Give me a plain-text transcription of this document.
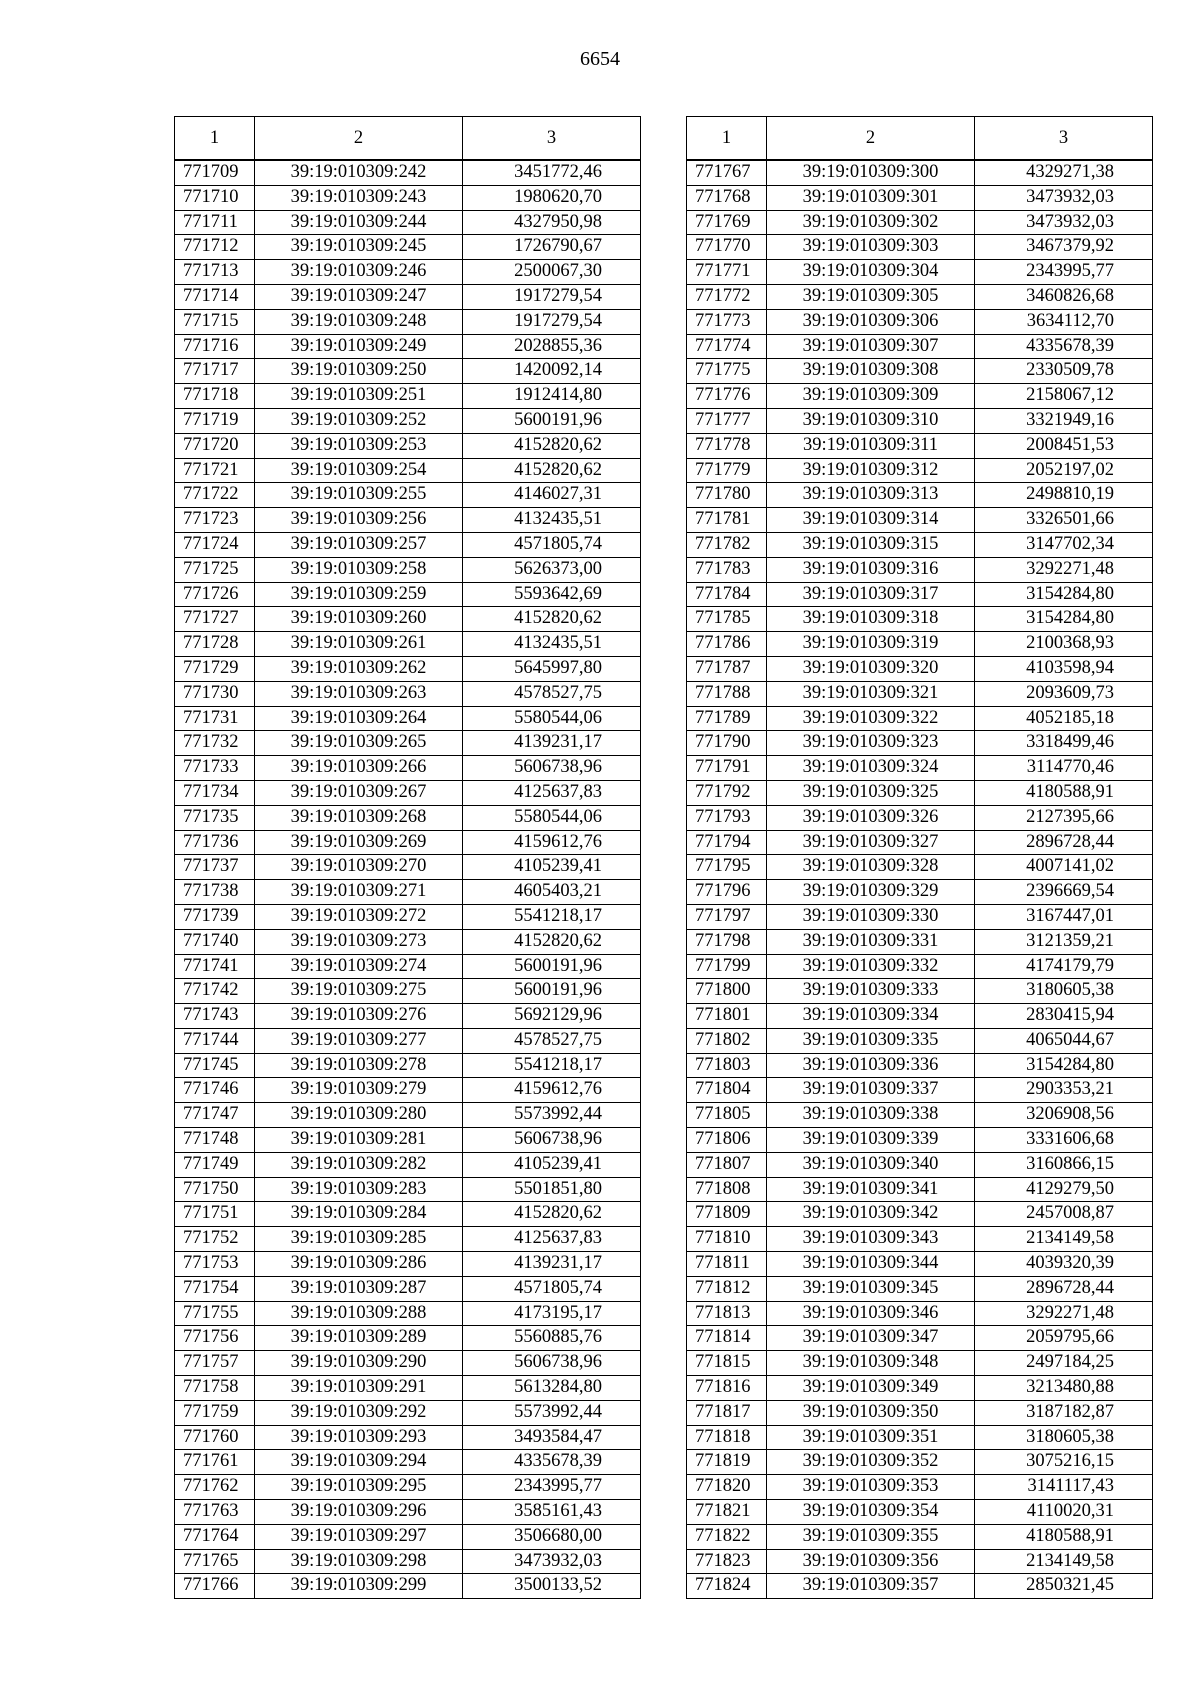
6654
1	2	3
771709	39:19:010309:242	3451772,46
771710	39:19:010309:243	1980620,70
771711	39:19:010309:244	4327950,98
771712	39:19:010309:245	1726790,67
771713	39:19:010309:246	2500067,30
771714	39:19:010309:247	1917279,54
771715	39:19:010309:248	1917279,54
771716	39:19:010309:249	2028855,36
771717	39:19:010309:250	1420092,14
771718	39:19:010309:251	1912414,80
771719	39:19:010309:252	5600191,96
771720	39:19:010309:253	4152820,62
771721	39:19:010309:254	4152820,62
771722	39:19:010309:255	4146027,31
771723	39:19:010309:256	4132435,51
771724	39:19:010309:257	4571805,74
771725	39:19:010309:258	5626373,00
771726	39:19:010309:259	5593642,69
771727	39:19:010309:260	4152820,62
771728	39:19:010309:261	4132435,51
771729	39:19:010309:262	5645997,80
771730	39:19:010309:263	4578527,75
771731	39:19:010309:264	5580544,06
771732	39:19:010309:265	4139231,17
771733	39:19:010309:266	5606738,96
771734	39:19:010309:267	4125637,83
771735	39:19:010309:268	5580544,06
771736	39:19:010309:269	4159612,76
771737	39:19:010309:270	4105239,41
771738	39:19:010309:271	4605403,21
771739	39:19:010309:272	5541218,17
771740	39:19:010309:273	4152820,62
771741	39:19:010309:274	5600191,96
771742	39:19:010309:275	5600191,96
771743	39:19:010309:276	5692129,96
771744	39:19:010309:277	4578527,75
771745	39:19:010309:278	5541218,17
771746	39:19:010309:279	4159612,76
771747	39:19:010309:280	5573992,44
771748	39:19:010309:281	5606738,96
771749	39:19:010309:282	4105239,41
771750	39:19:010309:283	5501851,80
771751	39:19:010309:284	4152820,62
771752	39:19:010309:285	4125637,83
771753	39:19:010309:286	4139231,17
771754	39:19:010309:287	4571805,74
771755	39:19:010309:288	4173195,17
771756	39:19:010309:289	5560885,76
771757	39:19:010309:290	5606738,96
771758	39:19:010309:291	5613284,80
771759	39:19:010309:292	5573992,44
771760	39:19:010309:293	3493584,47
771761	39:19:010309:294	4335678,39
771762	39:19:010309:295	2343995,77
771763	39:19:010309:296	3585161,43
771764	39:19:010309:297	3506680,00
771765	39:19:010309:298	3473932,03
771766	39:19:010309:299	3500133,52
1	2	3
771767	39:19:010309:300	4329271,38
771768	39:19:010309:301	3473932,03
771769	39:19:010309:302	3473932,03
771770	39:19:010309:303	3467379,92
771771	39:19:010309:304	2343995,77
771772	39:19:010309:305	3460826,68
771773	39:19:010309:306	3634112,70
771774	39:19:010309:307	4335678,39
771775	39:19:010309:308	2330509,78
771776	39:19:010309:309	2158067,12
771777	39:19:010309:310	3321949,16
771778	39:19:010309:311	2008451,53
771779	39:19:010309:312	2052197,02
771780	39:19:010309:313	2498810,19
771781	39:19:010309:314	3326501,66
771782	39:19:010309:315	3147702,34
771783	39:19:010309:316	3292271,48
771784	39:19:010309:317	3154284,80
771785	39:19:010309:318	3154284,80
771786	39:19:010309:319	2100368,93
771787	39:19:010309:320	4103598,94
771788	39:19:010309:321	2093609,73
771789	39:19:010309:322	4052185,18
771790	39:19:010309:323	3318499,46
771791	39:19:010309:324	3114770,46
771792	39:19:010309:325	4180588,91
771793	39:19:010309:326	2127395,66
771794	39:19:010309:327	2896728,44
771795	39:19:010309:328	4007141,02
771796	39:19:010309:329	2396669,54
771797	39:19:010309:330	3167447,01
771798	39:19:010309:331	3121359,21
771799	39:19:010309:332	4174179,79
771800	39:19:010309:333	3180605,38
771801	39:19:010309:334	2830415,94
771802	39:19:010309:335	4065044,67
771803	39:19:010309:336	3154284,80
771804	39:19:010309:337	2903353,21
771805	39:19:010309:338	3206908,56
771806	39:19:010309:339	3331606,68
771807	39:19:010309:340	3160866,15
771808	39:19:010309:341	4129279,50
771809	39:19:010309:342	2457008,87
771810	39:19:010309:343	2134149,58
771811	39:19:010309:344	4039320,39
771812	39:19:010309:345	2896728,44
771813	39:19:010309:346	3292271,48
771814	39:19:010309:347	2059795,66
771815	39:19:010309:348	2497184,25
771816	39:19:010309:349	3213480,88
771817	39:19:010309:350	3187182,87
771818	39:19:010309:351	3180605,38
771819	39:19:010309:352	3075216,15
771820	39:19:010309:353	3141117,43
771821	39:19:010309:354	4110020,31
771822	39:19:010309:355	4180588,91
771823	39:19:010309:356	2134149,58
771824	39:19:010309:357	2850321,45
